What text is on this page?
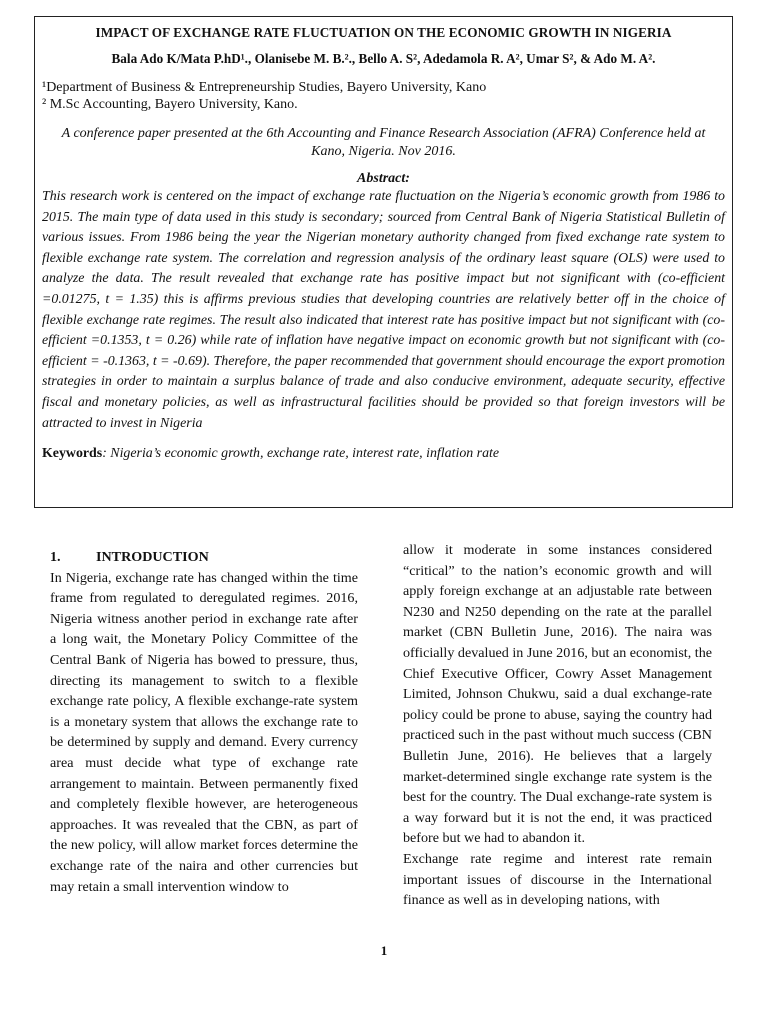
IMPACT OF EXCHANGE RATE FLUCTUATION ON THE ECONOMIC GROWTH IN NIGERIA

Bala Ado K/Mata P.hD¹., Olanisebe M. B.²., Bello A. S², Adedamola R. A², Umar S², & Ado M. A².

¹Department of Business & Entrepreneurship Studies, Bayero University, Kano

² M.Sc Accounting, Bayero University, Kano.

A conference paper presented at the 6th Accounting and Finance Research Association (AFRA) Conference held at Kano, Nigeria. Nov 2016.

Abstract:

This research work is centered on the impact of exchange rate fluctuation on the Nigeria’s economic growth from 1986 to 2015. The main type of data used in this study is secondary; sourced from Central Bank of Nigeria Statistical Bulletin of various issues. From 1986 being the year the Nigerian monetary authority changed from fixed exchange rate system to flexible exchange rate system. The correlation and regression analysis of the ordinary least square (OLS) were used to analyze the data. The result revealed that exchange rate has positive impact but not significant with (co-efficient =0.01275, t = 1.35) this is affirms previous studies that developing countries are relatively better off in the choice of flexible exchange rate regimes. The result also indicated that interest rate has positive impact but not significant with (co-efficient =0.1353, t = 0.26) while rate of inflation have negative impact on economic growth but not significant with (co-efficient = -0.1363, t = -0.69). Therefore, the paper recommended that government should encourage the export promotion strategies in order to maintain a surplus balance of trade and also conducive environment, adequate security, effective fiscal and monetary policies, as well as infrastructural facilities should be provided so that foreign investors will be attracted to invest in Nigeria

Keywords: Nigeria’s economic growth, exchange rate, interest rate, inflation rate

1.	INTRODUCTION

In Nigeria, exchange rate has changed within the time frame from regulated to deregulated regimes. 2016, Nigeria witness another period in exchange rate after a long wait, the Monetary Policy Committee of the Central Bank of Nigeria has bowed to pressure, thus, directing its management to switch to a flexible exchange rate policy, A flexible exchange-rate system is a monetary system that allows the exchange rate to be determined by supply and demand. Every currency area must decide what type of exchange rate arrangement to maintain. Between permanently fixed and completely flexible however, are heterogeneous approaches. It was revealed that the CBN, as part of the new policy, will allow market forces determine the exchange rate of the naira and other currencies but may retain a small intervention window to

allow it moderate in some instances considered “critical” to the nation’s economic growth and will apply foreign exchange at an adjustable rate between N230 and N250 depending on the rate at the parallel market (CBN Bulletin June, 2016). The naira was officially devalued in June 2016, but an economist, the Chief Executive Officer, Cowry Asset Management Limited, Johnson Chukwu, said a dual exchange-rate policy could be prone to abuse, saying the country had practiced such in the past without much success (CBN Bulletin June, 2016). He believes that a largely market-determined single exchange rate system is the best for the country. The Dual exchange-rate system is a way forward but it is not the end, it was practiced before but we had to abandon it.

Exchange rate regime and interest rate remain important issues of discourse in the International finance as well as in developing nations, with

1
